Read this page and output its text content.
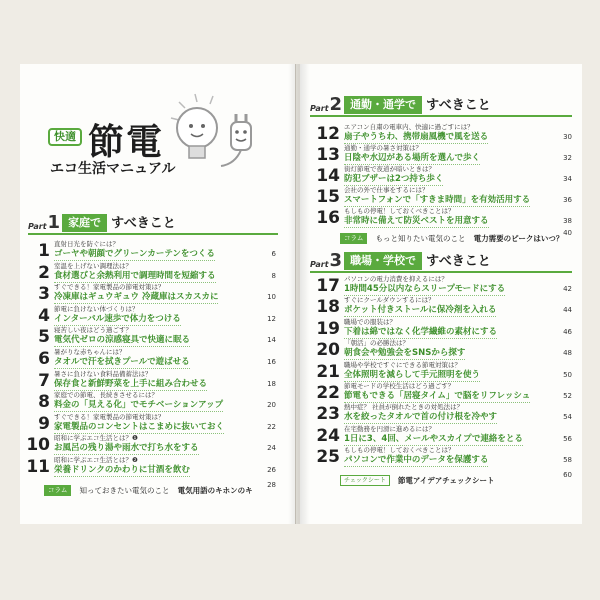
快適 節電
エコ生活マニュアル
Part 1 家庭で すべきこと
1 直射日光を防ぐには？
ゴーヤや朝顔でグリーンカーテンをつくる	6
2 室温を上げない調理法は？
食材選びと余熱利用で調理時間を短縮する	8
3 すぐできる！家電製品の節電対策は？
冷凍庫はギュウギュウ 冷蔵庫はスカスカに	10
4 節電に負けない体づくりは？
インターバル速歩で体力をつける	12
5 寝苦しい夜はどう過ごす？
電気代ゼロの涼感寝具で快適に眠る	14
6 暑がりな赤ちゃんには？
タオルで汗を拭きプールで遊ばせる	16
7 暑さに負けない食料品備蓄法は？
保存食と新鮮野菜を上手に組み合わせる	18
8 家庭での節電、長続きさせるには？
料金の「見える化」でモチベーションアップ	20
9 すぐできる！家電製品の節電対策は？
家電製品のコンセントはこまめに抜いておく	22
10 昭和に学ぶエコ生活とは？❶
お風呂の残り湯や雨水で打ち水をする	24
11 昭和に学ぶエコ生活とは？❷
栄養ドリンクのかわりに甘酒を飲む	26
コラム 知っておきたい電気のこと 電気用語のキホンのキ
28
Part 2 通勤・通学で すべきこと
12 エアコン自粛の電車内、快適に過ごすには？
扇子やうちわ、携帯扇風機で風を送る	30
13 通勤・通学の暑さ対策は？
日陰や水辺がある場所を選んで歩く	32
14 街灯節電で夜道が暗いときは？
防犯ブザーは2つ持ち歩く	34
15 会社の外で仕事をするには？
スマートフォンで「すきま時間」を有効活用する	36
16 もしもの停電！しておくべきことは？
非常時に備えて防災ベストを用意する	38
コラム もっと知りたい電気のこと 電力需要のピークはいつ？
40
Part 3 職場・学校で すべきこと
17 パソコンの電力消費を抑えるには？
1時間45分以内ならスリープモードにする	42
18 すぐにクールダウンするには？
ポケット付きストールに保冷剤を入れる	44
19 職場での服装は？
下着は綿ではなく化学繊維の素材にする	46
20 「朝活」の必勝法は？
朝食会や勉強会をSNSから探す	48
21 職場や学校ですぐにできる節電対策は？
全体照明を減らして手元照明を使う	50
22 節電モードの学校生活はどう過ごす？
節電もできる「居寝タイム」で脳をリフレッシュ	52
23 熱中症？ 社員が倒れたときの対処法は？
水を絞ったタオルで首の付け根を冷やす	54
24 在宅勤務を円滑に進めるには？
1日に3、4回、メールやスカイプで連絡をとる	56
25 もしもの停電！しておくべきことは？
パソコンで作業中のデータを保護する	58
チェックシート 節電アイデアチェックシート
60
